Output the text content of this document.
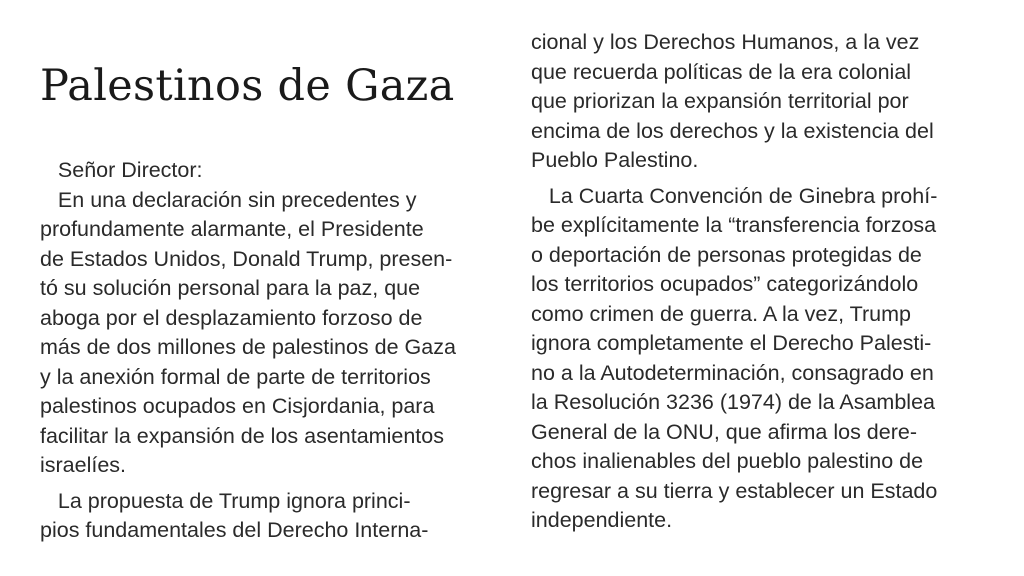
Palestinos de Gaza
Señor Director:
En una declaración sin precedentes y
profundamente alarmante, el Presidente
de Estados Unidos, Donald Trump, presen-
tó su solución personal para la paz, que
aboga por el desplazamiento forzoso de
más de dos millones de palestinos de Gaza
y la anexión formal de parte de territorios
palestinos ocupados en Cisjordania, para
facilitar la expansión de los asentamientos
israelíes.
La propuesta de Trump ignora princi-
pios fundamentales del Derecho Interna-
cional y los Derechos Humanos, a la vez
que recuerda políticas de la era colonial
que priorizan la expansión territorial por
encima de los derechos y la existencia del
Pueblo Palestino.
La Cuarta Convención de Ginebra prohí-
be explícitamente la “transferencia forzosa
o deportación de personas protegidas de
los territorios ocupados” categorizándolo
como crimen de guerra. A la vez, Trump
ignora completamente el Derecho Palesti-
no a la Autodeterminación, consagrado en
la Resolución 3236 (1974) de la Asamblea
General de la ONU, que afirma los dere-
chos inalienables del pueblo palestino de
regresar a su tierra y establecer un Estado
independiente.
